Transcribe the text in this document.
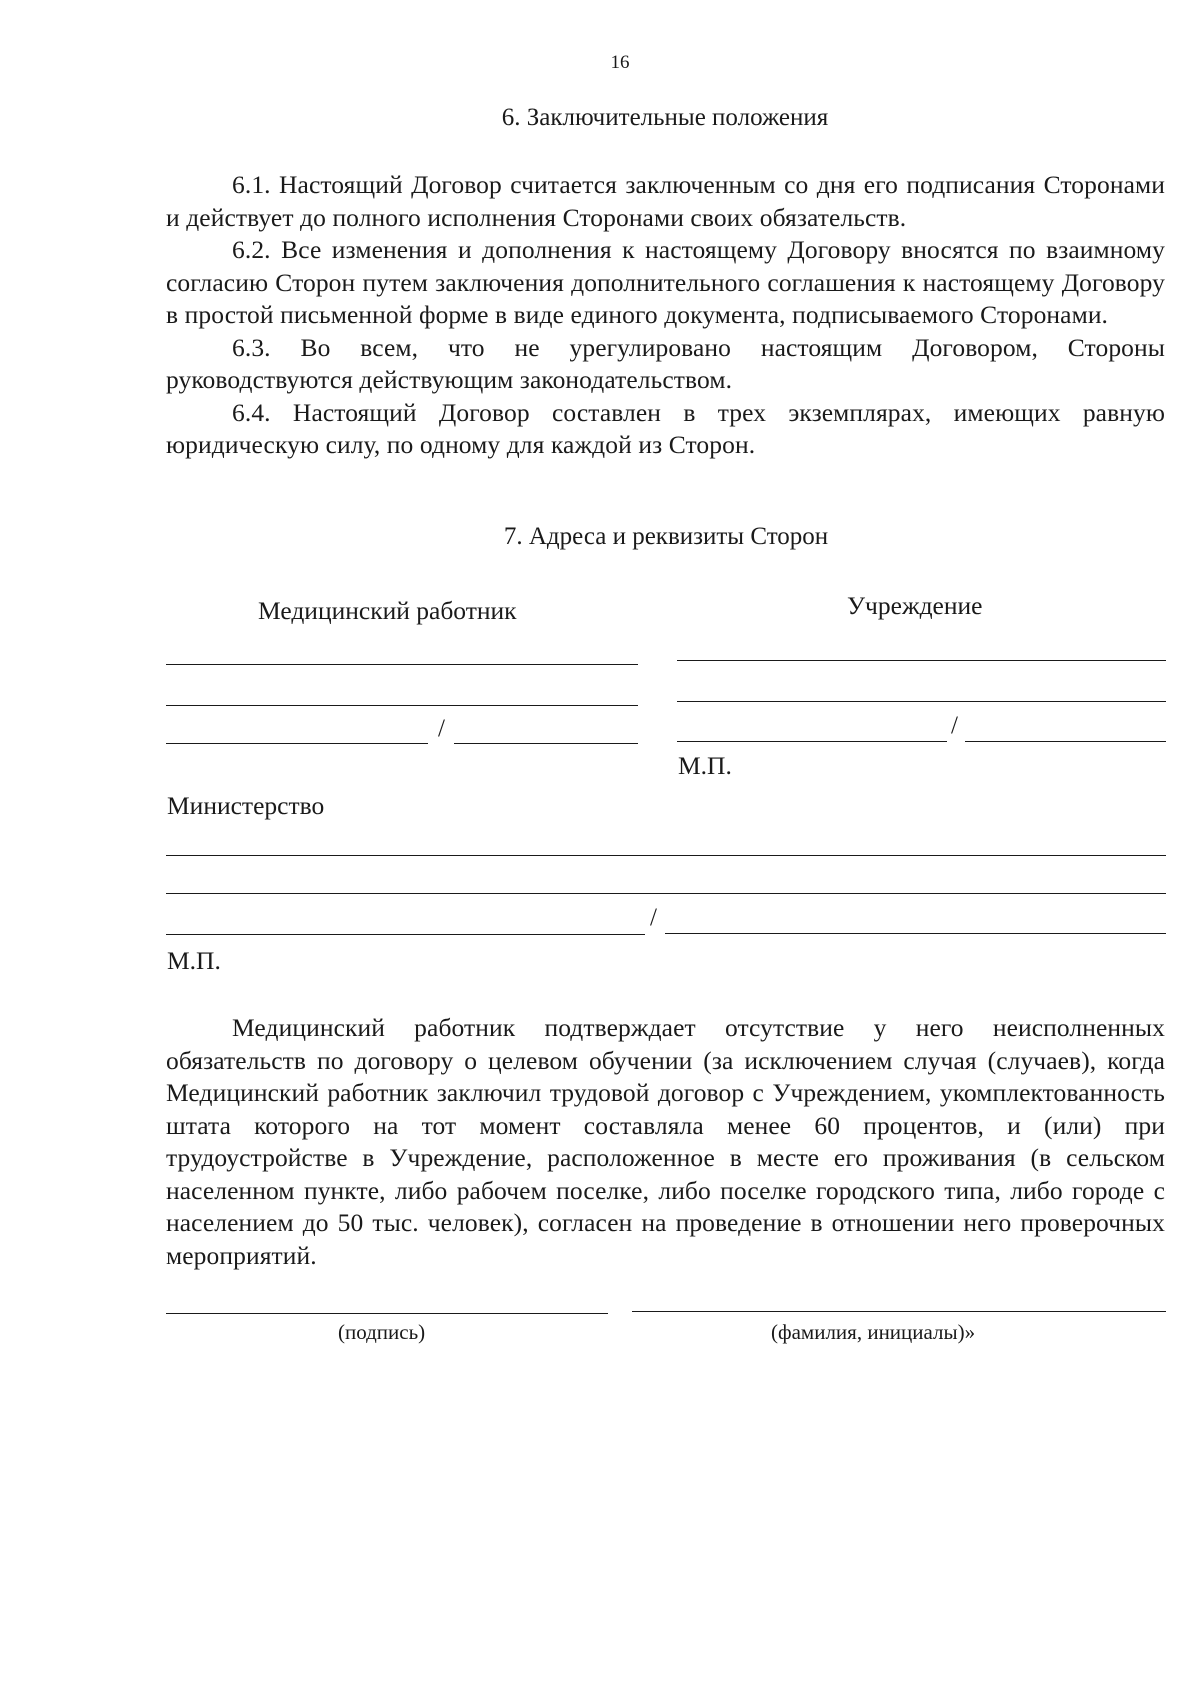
16
6. Заключительные положения

6.1. Настоящий Договор считается заключенным со дня его подписания Сторонами и действует до полного исполнения Сторонами своих обязательств.

6.2. Все изменения и дополнения к настоящему Договору вносятся по взаимному согласию Сторон путем заключения дополнительного соглашения к настоящему Договору в простой письменной форме в виде единого документа, подписываемого Сторонами.

6.3. Во всем, что не урегулировано настоящим Договором, Стороны руководствуются действующим законодательством.

6.4. Настоящий Договор составлен в трех экземплярах, имеющих равную юридическую силу, по одному для каждой из Сторон.

7. Адреса и реквизиты Сторон
Медицинский работник	Учреждение
/	/
М.П.
Министерство
/
М.П.

Медицинский работник подтверждает отсутствие у него неисполненных обязательств по договору о целевом обучении (за исключением случая (случаев), когда Медицинский работник заключил трудовой договор с Учреждением, укомплектованность штата которого на тот момент составляла менее 60 процентов, и (или) при трудоустройстве в Учреждение, расположенное в месте его проживания (в сельском населенном пункте, либо рабочем поселке, либо поселке городского типа, либо городе с населением до 50 тыс. человек), согласен на проведение в отношении него проверочных мероприятий.

(подпись)	(фамилия, инициалы)»
